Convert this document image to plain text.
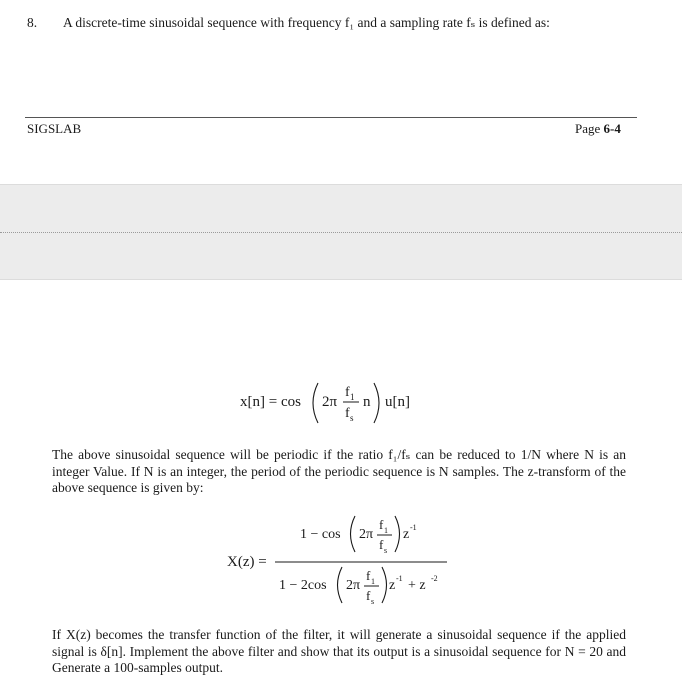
8. A discrete-time sinusoidal sequence with frequency f₁ and a sampling rate fₛ is defined as:
SIGSLAB	Page 6-4
x[n] = cos 2π
f 1
f s
n u[n]
The above sinusoidal sequence will be periodic if the ratio f₁/fₛ can be reduced to 1/N where N is an integer Value. If N is an integer, the period of the periodic sequence is N samples. The z-transform of the above sequence is given by:
X(z) =
1 − cos 2π
f 1
f s
z -1
1 − 2cos 2π
f 1
f s
z -1 + z -2
If X(z) becomes the transfer function of the filter, it will generate a sinusoidal sequence if the applied signal is δ[n]. Implement the above filter and show that its output is a sinusoidal sequence for N = 20 and Generate a 100-samples output.
